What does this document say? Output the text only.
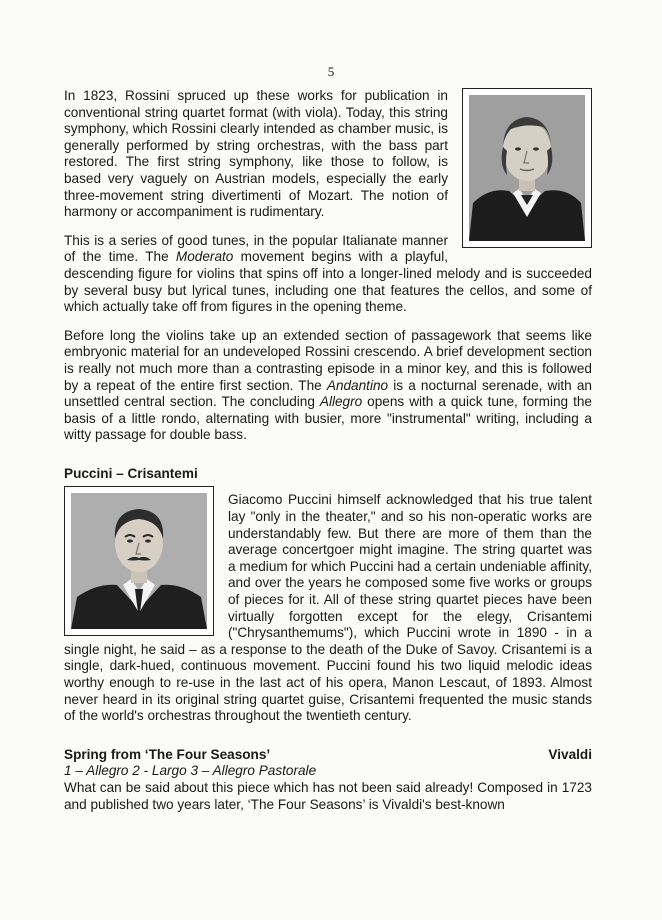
5

In 1823, Rossini spruced up these works for publication in conventional string quartet format (with viola). Today, this string symphony, which Rossini clearly intended as chamber music, is generally performed by string orchestras, with the bass part restored. The first string symphony, like those to follow, is based very vaguely on Austrian models, especially the early three-movement string divertimenti of Mozart. The notion of harmony or accompaniment is rudimentary.

This is a series of good tunes, in the popular Italianate manner of the time. The Moderato movement begins with a playful, descending figure for violins that spins off into a longer-lined melody and is succeeded by several busy but lyrical tunes, including one that features the cellos, and some of which actually take off from figures in the opening theme.

Before long the violins take up an extended section of passagework that seems like embryonic material for an undeveloped Rossini crescendo. A brief development section is really not much more than a contrasting episode in a minor key, and this is followed by a repeat of the entire first section. The Andantino is a nocturnal serenade, with an unsettled central section. The concluding Allegro opens with a quick tune, forming the basis of a little rondo, alternating with busier, more "instrumental" writing, including a witty passage for double bass.

Puccini – Crisantemi

Giacomo Puccini himself acknowledged that his true talent lay "only in the theater," and so his non-operatic works are understandably few. But there are more of them than the average concertgoer might imagine. The string quartet was a medium for which Puccini had a certain undeniable affinity, and over the years he composed some five works or groups of pieces for it. All of these string quartet pieces have been virtually forgotten except for the elegy, Crisantemi ("Chrysanthemums"), which Puccini wrote in 1890 - in a single night, he said – as a response to the death of the Duke of Savoy. Crisantemi is a single, dark-hued, continuous movement. Puccini found his two liquid melodic ideas worthy enough to re-use in the last act of his opera, Manon Lescaut, of 1893. Almost never heard in its original string quartet guise, Crisantemi frequented the music stands of the world's orchestras throughout the twentieth century.

Spring from ‘The Four Seasons’	Vivaldi
1 – Allegro 2 - Largo 3 – Allegro Pastorale

What can be said about this piece which has not been said already! Composed in 1723 and published two years later, ‘The Four Seasons’ is Vivaldi's best-known
